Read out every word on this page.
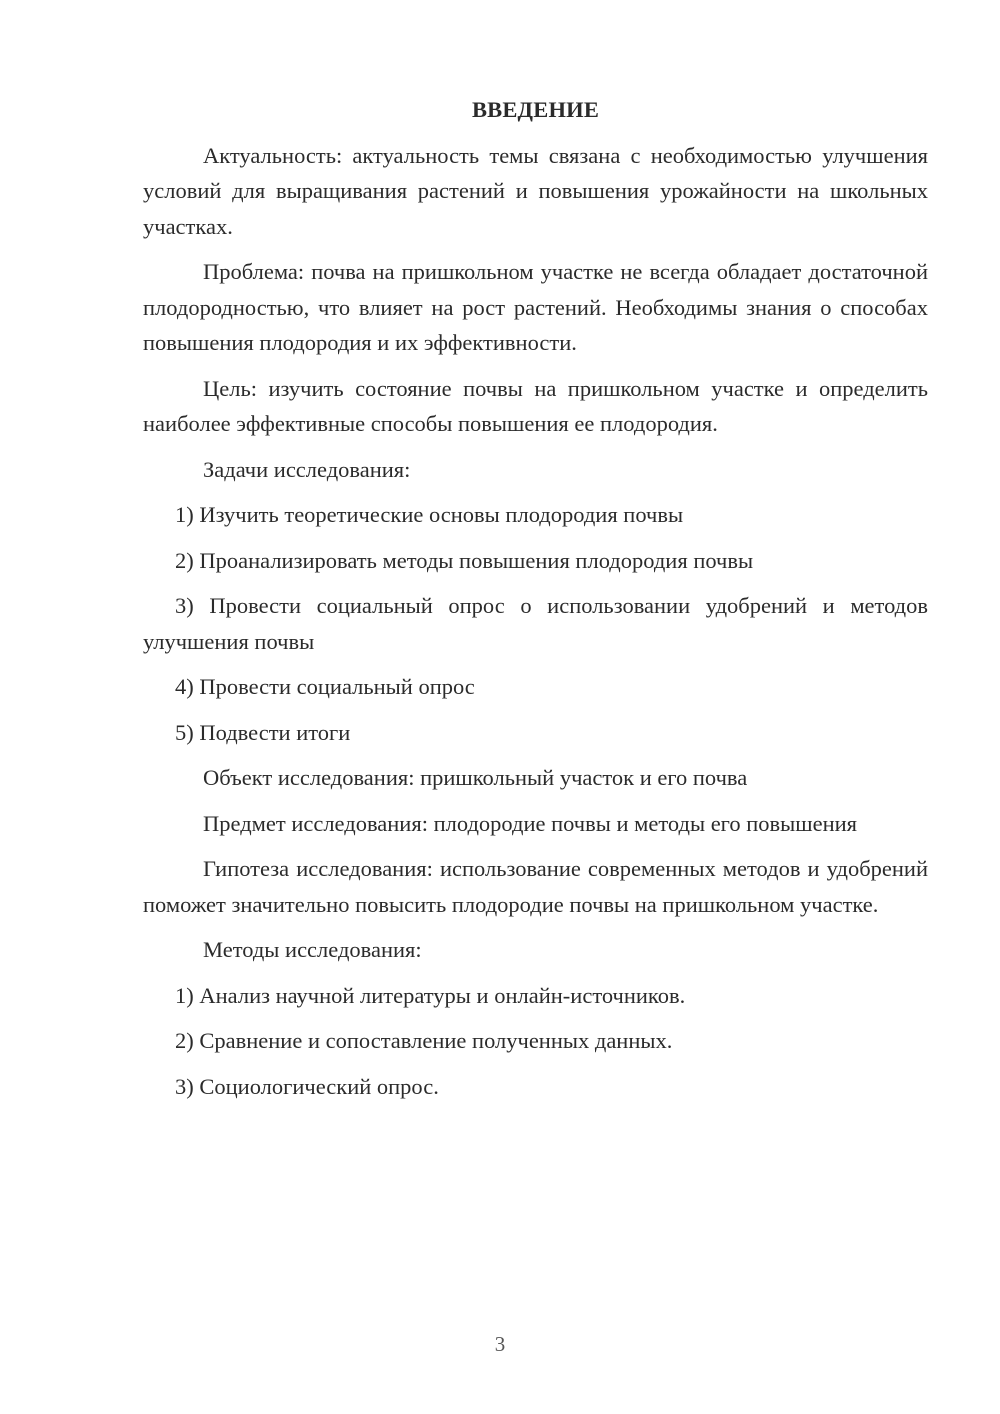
ВВЕДЕНИЕ

Актуальность: актуальность темы связана с необходимостью улучшения условий для выращивания растений и повышения урожайности на школьных участках.

Проблема: почва на пришкольном участке не всегда обладает достаточной плодородностью, что влияет на рост растений. Необходимы знания о способах повышения плодородия и их эффективности.

Цель: изучить состояние почвы на пришкольном участке и определить наиболее эффективные способы повышения ее плодородия.

Задачи исследования:

1) Изучить теоретические основы плодородия почвы

2) Проанализировать методы повышения плодородия почвы

3) Провести социальный опрос о использовании удобрений и методов улучшения почвы

4) Провести социальный опрос

5) Подвести итоги

Объект исследования: пришкольный участок и его почва

Предмет исследования: плодородие почвы и методы его повышения

Гипотеза исследования: использование современных методов и удобрений поможет значительно повысить плодородие почвы на пришкольном участке.

Методы исследования:

1) Анализ научной литературы и онлайн-источников.

2) Сравнение и сопоставление полученных данных.

3) Социологический опрос.

3
